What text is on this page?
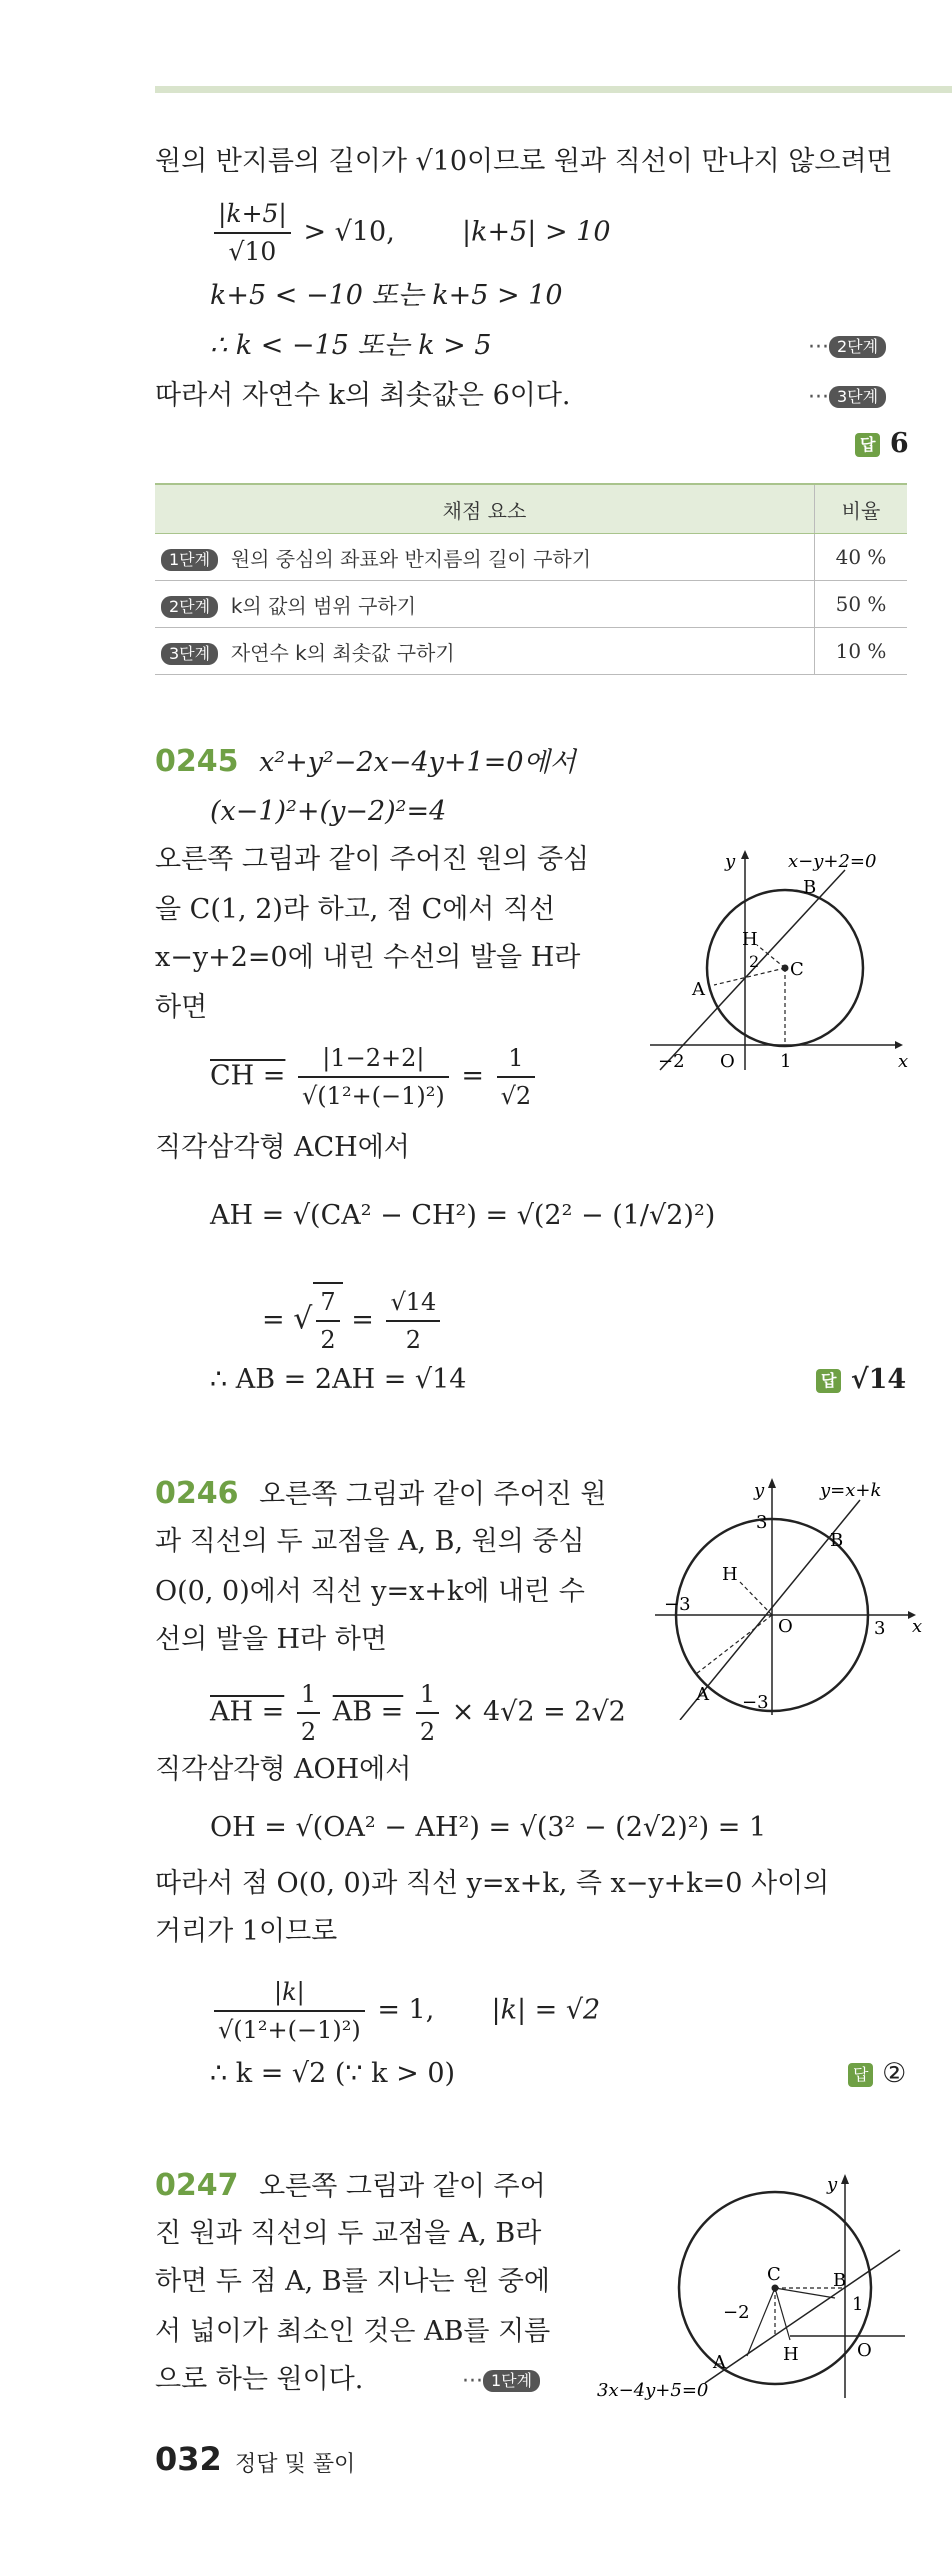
원의 반지름의 길이가 √10이므로 원과 직선이 만나지 않으려면
$\frac{|k+5|}{√10} > √10$, |k+5| > 10
k+5 < −10 또는 k+5 > 10
∴ k < −15 또는 k > 5	··· 2단계
따라서 자연수 k의 최솟값은 6이다.	··· 3단계
답 6
채점 요소	비율
1단계 원의 중심의 좌표와 반지름의 길이 구하기	40 %
2단계 k의 값의 범위 구하기	50 %
3단계 자연수 k의 최솟값 구하기	10 %
0245 x²+y²−2x−4y+1=0에서
(x−1)²+(y−2)²=4
오른쪽 그림과 같이 주어진 원의 중심
을 C(1, 2)라 하고, 점 C에서 직선
x−y+2=0에 내린 수선의 발을 H라
하면
CH = $\frac{|1-2+2|}{\text{√(1²+(−1)²)}} = \frac{1}{√2}$
직각삼각형 ACH에서
AH = √(CA² − CH²) = √(2² − (1/√2)²)
= √ $\frac{7}{2} = \frac{√14}{2}$
∴ AB = 2AH = √14	답 √14
x−y+2=0
y
x
B
H
C
A
2
−2 O	1
0246 오른쪽 그림과 같이 주어진 원
과 직선의 두 교점을 A, B, 원의 중심
O(0, 0)에서 직선 y=x+k에 내린 수
선의 발을 H라 하면
AH = $\frac{1}{2}$ AB = $\frac{1}{2} \times 4√2 = 2√2$
직각삼각형 AOH에서
OH = √(OA² − AH²) = √(3² − (2√2)²) = 1
따라서 점 O(0, 0)과 직선 y=x+k, 즉 x−y+k=0 사이의
거리가 1이므로
$\frac{|k|}{\text{√(1²+(−1)²)}} = 1$, |k| = √2
∴ k = √2 (∵ k > 0)	답 ②
y=x+k
y
x
3
B
−3
H
O	3
A −3
0247 오른쪽 그림과 같이 주어
진 원과 직선의 두 교점을 A, B라
하면 두 점 A, B를 지나는 원 중에
서 넓이가 최소인 것은 AB를 지름
으로 하는 원이다.	··· 1단계
y
C	B
−2	1
A	H	O
3x−4y+5=0
032 정답 및 풀이
